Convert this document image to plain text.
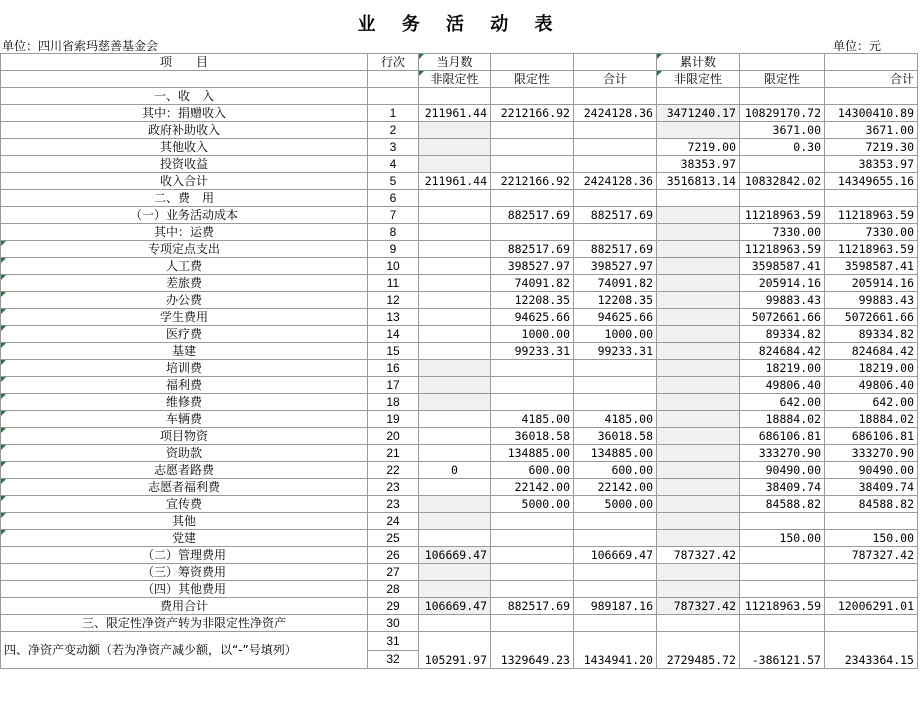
业 务 活 动 表
单位：四川省索玛慈善基金会	单位：元
项　　目	行次	当月数			累计数		
		非限定性	限定性	合计	非限定性	限定性	合计
一、收　入							
其中：捐赠收入	1	211961.44	2212166.92	2424128.36	3471240.17	10829170.72	14300410.89
政府补助收入	2					3671.00	3671.00
其他收入	3				7219.00	0.30	7219.30
投资收益	4				38353.97		38353.97
收入合计	5	211961.44	2212166.92	2424128.36	3516813.14	10832842.02	14349655.16
二、费　用	6						
（一）业务活动成本	7		882517.69	882517.69		11218963.59	11218963.59
其中：运费	8					7330.00	7330.00
专项定点支出	9		882517.69	882517.69		11218963.59	11218963.59
人工费	10		398527.97	398527.97		3598587.41	3598587.41
差旅费	11		74091.82	74091.82		205914.16	205914.16
办公费	12		12208.35	12208.35		99883.43	99883.43
学生费用	13		94625.66	94625.66		5072661.66	5072661.66
医疗费	14		1000.00	1000.00		89334.82	89334.82
基建	15		99233.31	99233.31		824684.42	824684.42
培训费	16					18219.00	18219.00
福利费	17					49806.40	49806.40
维修费	18					642.00	642.00
车辆费	19		4185.00	4185.00		18884.02	18884.02
项目物资	20		36018.58	36018.58		686106.81	686106.81
资助款	21		134885.00	134885.00		333270.90	333270.90
志愿者路费	22	0	600.00	600.00		90490.00	90490.00
志愿者福利费	23		22142.00	22142.00		38409.74	38409.74
宣传费	23		5000.00	5000.00		84588.82	84588.82
其他	24						
党建	25					150.00	150.00
（二）管理费用	26	106669.47		106669.47	787327.42		787327.42
（三）筹资费用	27						
（四）其他费用	28						
费用合计	29	106669.47	882517.69	989187.16	787327.42	11218963.59	12006291.01
三、限定性净资产转为非限定性净资产	30						
四、净资产变动额（若为净资产减少额，以“-”号填列）	31
32	105291.97	1329649.23	1434941.20	2729485.72	-386121.57	2343364.15
